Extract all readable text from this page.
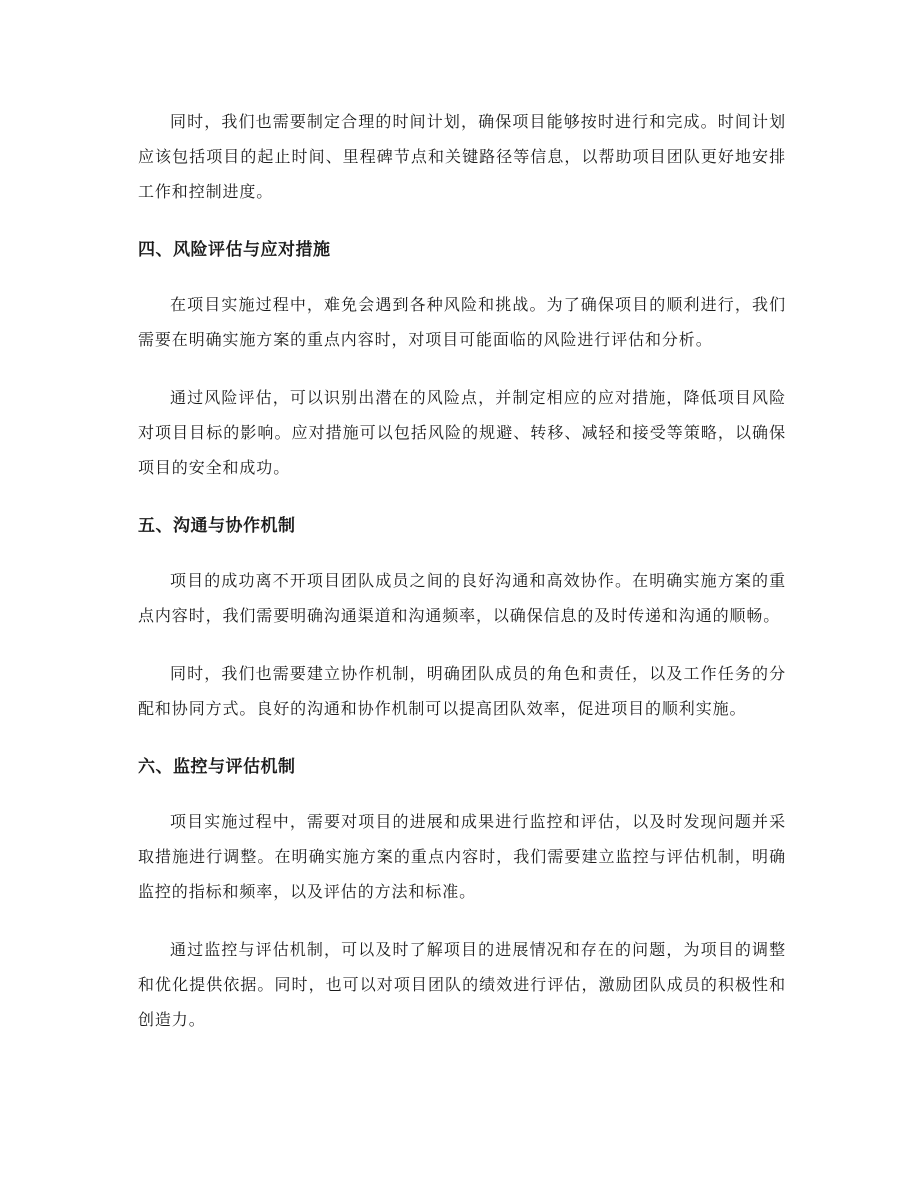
同时，我们也需要制定合理的时间计划，确保项目能够按时进行和完成。时间计划应该包括项目的起止时间、里程碑节点和关键路径等信息，以帮助项目团队更好地安排工作和控制进度。

四、风险评估与应对措施

在项目实施过程中，难免会遇到各种风险和挑战。为了确保项目的顺利进行，我们需要在明确实施方案的重点内容时，对项目可能面临的风险进行评估和分析。

通过风险评估，可以识别出潜在的风险点，并制定相应的应对措施，降低项目风险对项目目标的影响。应对措施可以包括风险的规避、转移、减轻和接受等策略，以确保项目的安全和成功。

五、沟通与协作机制

项目的成功离不开项目团队成员之间的良好沟通和高效协作。在明确实施方案的重点内容时，我们需要明确沟通渠道和沟通频率，以确保信息的及时传递和沟通的顺畅。

同时，我们也需要建立协作机制，明确团队成员的角色和责任，以及工作任务的分配和协同方式。良好的沟通和协作机制可以提高团队效率，促进项目的顺利实施。

六、监控与评估机制

项目实施过程中，需要对项目的进展和成果进行监控和评估，以及时发现问题并采取措施进行调整。在明确实施方案的重点内容时，我们需要建立监控与评估机制，明确监控的指标和频率，以及评估的方法和标准。

通过监控与评估机制，可以及时了解项目的进展情况和存在的问题，为项目的调整和优化提供依据。同时，也可以对项目团队的绩效进行评估，激励团队成员的积极性和创造力。
